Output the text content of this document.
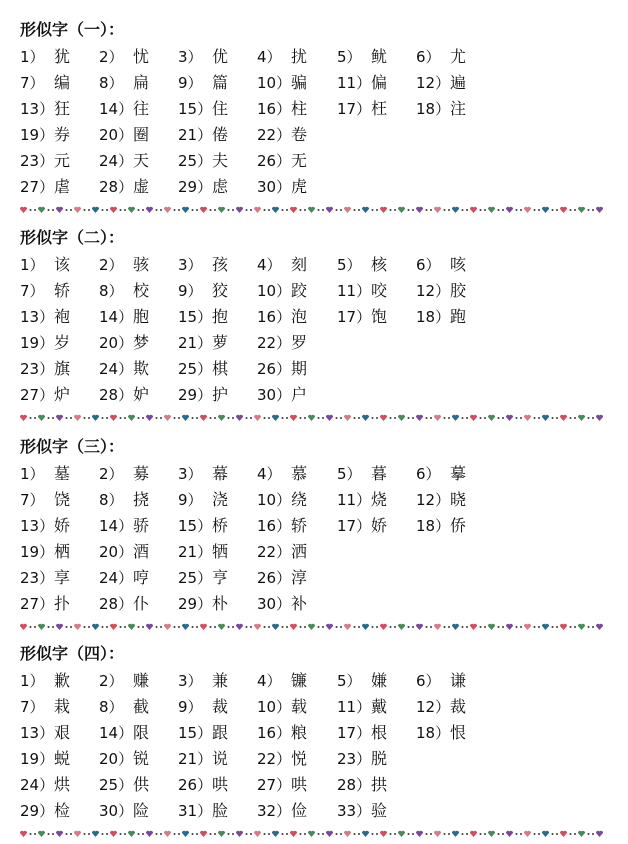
形似字（一）：
1） 犹 2） 忧 3） 优 4） 扰 5） 鱿 6） 尤
7） 编 8） 扁 9） 篇 10）骗 11）偏 12）遍
13）狂 14）往 15）住 16）柱 17）枉 18）注
19）券 20）圈 21）倦 22）卷
23）元 24）天 25）夫 26）无
27）虐 28）虚 29）虑 30）虎
形似字（二）：
1） 该 2） 骇 3） 孩 4） 刻 5） 核 6） 咳
7） 轿 8） 校 9） 狡 10）跤 11）咬 12）胶
13）袍 14）胞 15）抱 16）泡 17）饱 18）跑
19）岁 20）梦 21）萝 22）罗
23）旗 24）欺 25）棋 26）期
27）炉 28）妒 29）护 30）户
形似字（三）：
1） 墓 2） 募 3） 幕 4） 慕 5） 暮 6） 摹
7） 饶 8） 挠 9） 浇 10）绕 11）烧 12）晓
13）娇 14）骄 15）桥 16）轿 17）娇 18）侨
19）栖 20）酒 21）牺 22）洒
23）享 24）哼 25）亨 26）淳
27）扑 28）仆 29）朴 30）补
形似字（四）：
1） 歉 2） 赚 3） 兼 4） 镰 5） 嫌 6） 谦
7） 栽 8） 截 9） 裁 10）载 11）戴 12）裁
13）艰 14）限 15）跟 16）粮 17）根 18）恨
19）蜕 20）锐 21）说 22）悦 23）脱
24）烘 25）供 26）哄 27）哄 28）拱
29）检 30）险 31）脸 32）俭 33）验
